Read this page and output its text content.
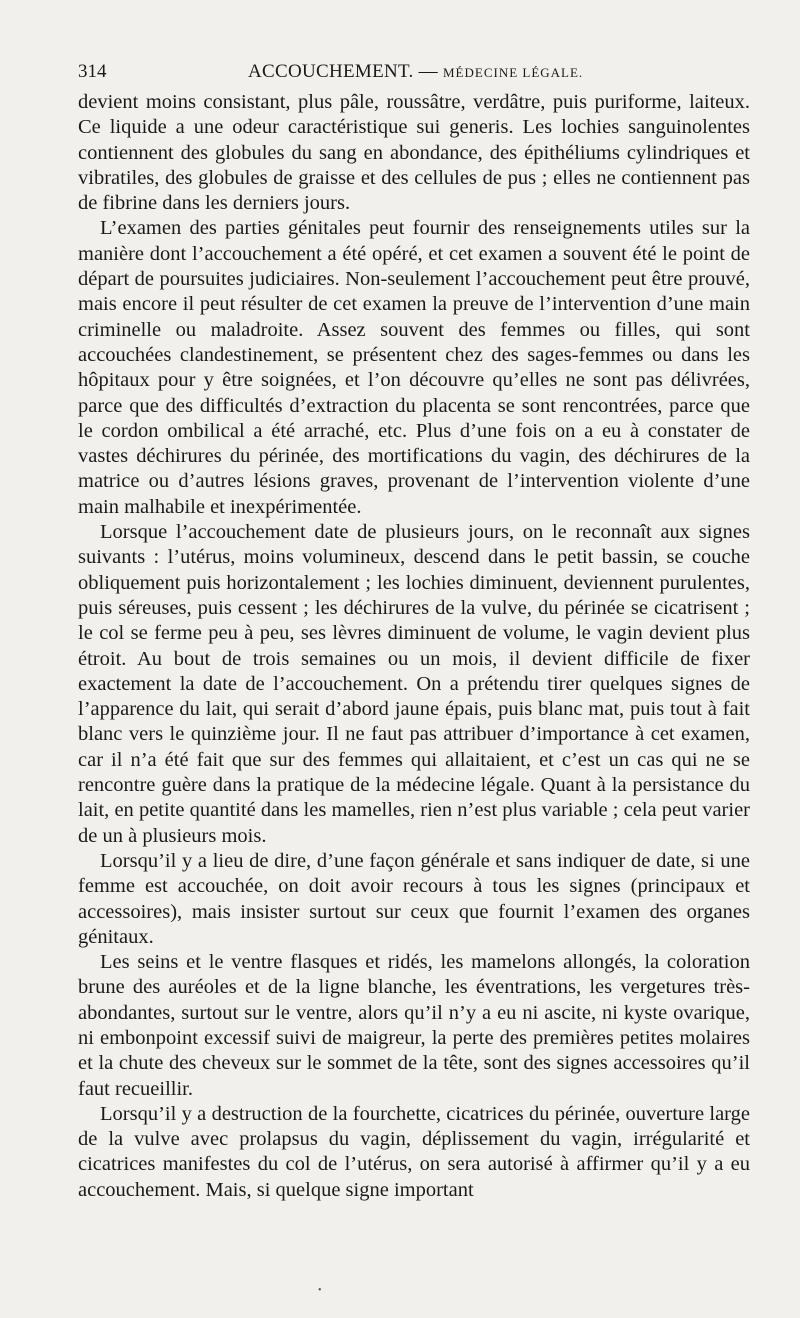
314	ACCOUCHEMENT. — MÉDECINE LÉGALE.

devient moins consistant, plus pâle, roussâtre, verdâtre, puis puriforme, laiteux. Ce liquide a une odeur caractéristique sui generis. Les lochies sanguinolentes contiennent des globules du sang en abondance, des épithéliums cylindriques et vibratiles, des globules de graisse et des cellules de pus ; elles ne contiennent pas de fibrine dans les derniers jours.

L’examen des parties génitales peut fournir des renseignements utiles sur la manière dont l’accouchement a été opéré, et cet examen a souvent été le point de départ de poursuites judiciaires. Non-seulement l’accouchement peut être prouvé, mais encore il peut résulter de cet examen la preuve de l’intervention d’une main criminelle ou maladroite. Assez souvent des femmes ou filles, qui sont accouchées clandestinement, se présentent chez des sages-femmes ou dans les hôpitaux pour y être soignées, et l’on découvre qu’elles ne sont pas délivrées, parce que des difficultés d’extraction du placenta se sont rencontrées, parce que le cordon ombilical a été arraché, etc. Plus d’une fois on a eu à constater de vastes déchirures du périnée, des mortifications du vagin, des déchirures de la matrice ou d’autres lésions graves, provenant de l’intervention violente d’une main malhabile et inexpérimentée.

Lorsque l’accouchement date de plusieurs jours, on le reconnaît aux signes suivants : l’utérus, moins volumineux, descend dans le petit bassin, se couche obliquement puis horizontalement ; les lochies diminuent, deviennent purulentes, puis séreuses, puis cessent ; les déchirures de la vulve, du périnée se cicatrisent ; le col se ferme peu à peu, ses lèvres diminuent de volume, le vagin devient plus étroit. Au bout de trois semaines ou un mois, il devient difficile de fixer exactement la date de l’accouchement. On a prétendu tirer quelques signes de l’apparence du lait, qui serait d’abord jaune épais, puis blanc mat, puis tout à fait blanc vers le quinzième jour. Il ne faut pas attribuer d’importance à cet examen, car il n’a été fait que sur des femmes qui allaitaient, et c’est un cas qui ne se rencontre guère dans la pratique de la médecine légale. Quant à la persistance du lait, en petite quantité dans les mamelles, rien n’est plus variable ; cela peut varier de un à plusieurs mois.

Lorsqu’il y a lieu de dire, d’une façon générale et sans indiquer de date, si une femme est accouchée, on doit avoir recours à tous les signes (principaux et accessoires), mais insister surtout sur ceux que fournit l’examen des organes génitaux.

Les seins et le ventre flasques et ridés, les mamelons allongés, la coloration brune des auréoles et de la ligne blanche, les éventrations, les vergetures très-abondantes, surtout sur le ventre, alors qu’il n’y a eu ni ascite, ni kyste ovarique, ni embonpoint excessif suivi de maigreur, la perte des premières petites molaires et la chute des cheveux sur le sommet de la tête, sont des signes accessoires qu’il faut recueillir.

Lorsqu’il y a destruction de la fourchette, cicatrices du périnée, ouverture large de la vulve avec prolapsus du vagin, déplissement du vagin, irrégularité et cicatrices manifestes du col de l’utérus, on sera autorisé à affirmer qu’il y a eu accouchement. Mais, si quelque signe important

•
